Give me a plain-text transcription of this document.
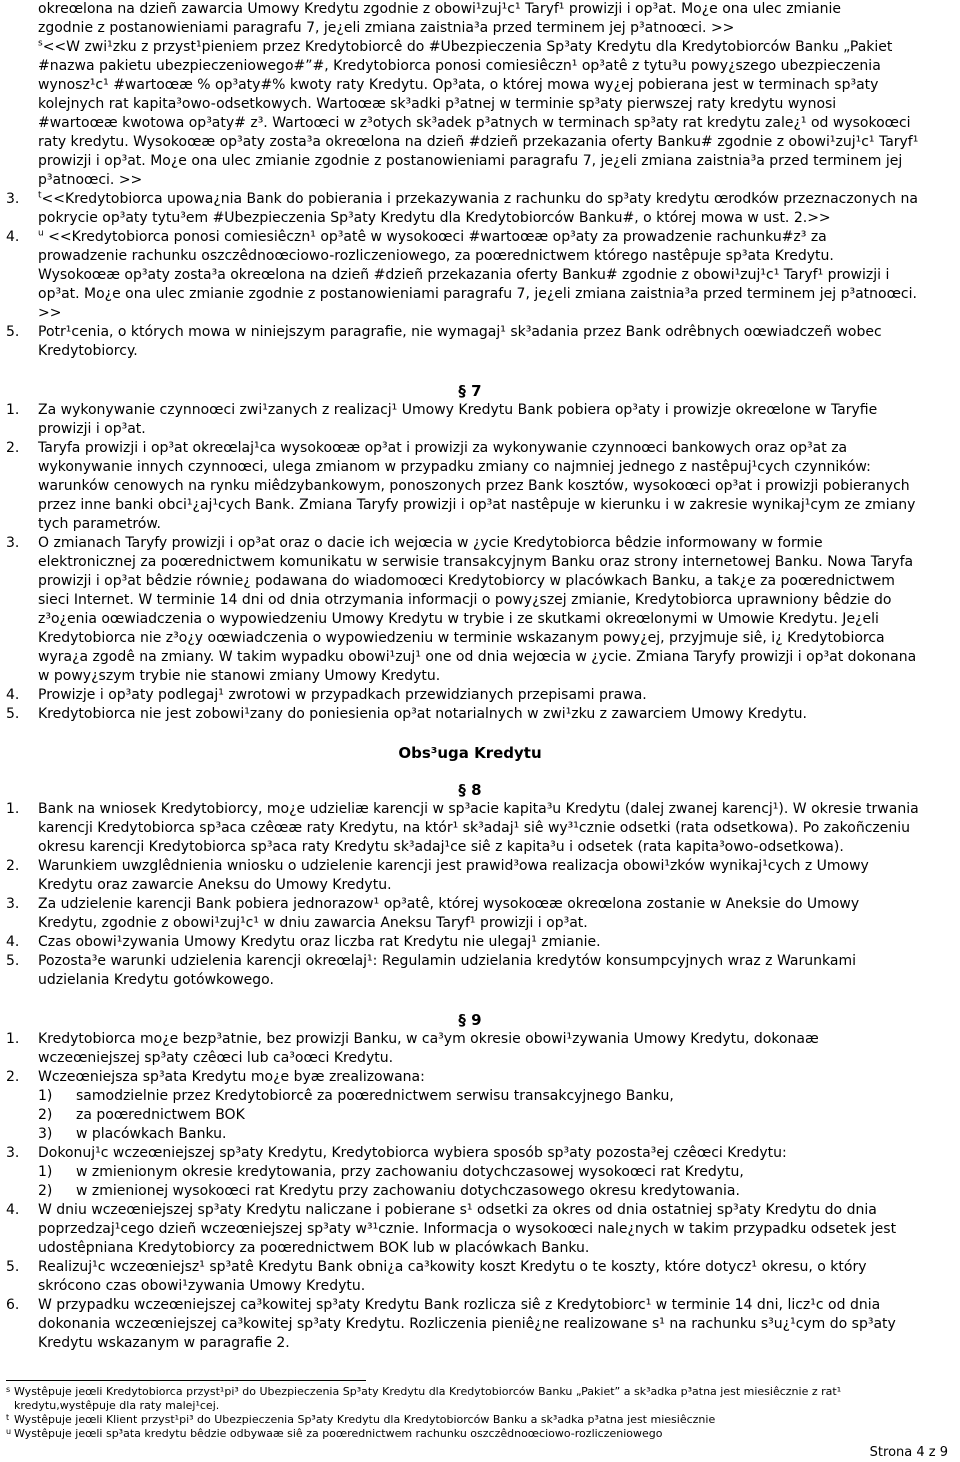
okreœlona na dzieñ zawarcia Umowy Kredytu zgodnie z obowi¹zuj¹c¹ Taryf¹ prowizji i op³at. Mo¿e ona ulec zmianie
zgodnie z postanowieniami paragrafu 7, je¿eli zmiana zaistnia³a przed terminem jej p³atnoœci. >>
$^s$<<W zwi¹zku z przyst¹pieniem przez Kredytobiorcê do #Ubezpieczenia Sp³aty Kredytu dla Kredytobiorców Banku „Pakiet #nazwa pakietu ubezpieczeniowego#”#, Kredytobiorca ponosi comiesiêczn¹ op³atê z tytu³u powy¿szego ubezpieczenia wynosz¹c¹ #wartoœæ % op³aty#% kwoty raty Kredytu. Op³ata, o której mowa wy¿ej pobierana jest w terminach sp³aty kolejnych rat kapita³owo-odsetkowych. Wartoœæ sk³adki p³atnej w terminie sp³aty pierwszej raty kredytu wynosi #wartoœæ kwotowa op³aty# z³. Wartoœci w z³otych sk³adek p³atnych w terminach sp³aty rat kredytu zale¿¹ od wysokoœci raty kredytu. Wysokoœæ op³aty zosta³a okreœlona na dzieñ #dzieñ przekazania oferty Banku# zgodnie z obowi¹zuj¹c¹ Taryf¹ prowizji i op³at. Mo¿e ona ulec zmianie zgodnie z postanowieniami paragrafu 7, je¿eli zmiana zaistnia³a przed terminem jej p³atnoœci. >>
3. $^t$<<Kredytobiorca upowa¿nia Bank do pobierania i przekazywania z rachunku do sp³aty kredytu œrodków przeznaczonych na pokrycie op³aty tytu³em #Ubezpieczenia Sp³aty Kredytu dla Kredytobiorców Banku#, o której mowa w ust. 2.>>
4. $^u$ <<Kredytobiorca ponosi comiesiêczn¹ op³atê w wysokoœci #wartoœæ op³aty za prowadzenie rachunku#z³ za prowadzenie rachunku oszczêdnoœciowo-rozliczeniowego, za poœrednictwem którego nastêpuje sp³ata Kredytu. Wysokoœæ op³aty zosta³a okreœlona na dzieñ #dzieñ przekazania oferty Banku# zgodnie z obowi¹zuj¹c¹ Taryf¹ prowizji i op³at. Mo¿e ona ulec zmianie zgodnie z postanowieniami paragrafu 7, je¿eli zmiana zaistnia³a przed terminem jej p³atnoœci. >>
5. Potr¹cenia, o których mowa w niniejszym paragrafie, nie wymagaj¹ sk³adania przez Bank odrêbnych oœwiadczeñ wobec Kredytobiorcy.
§ 7
1. Za wykonywanie czynnoœci zwi¹zanych z realizacj¹ Umowy Kredytu Bank pobiera op³aty i prowizje okreœlone w Taryfie prowizji i op³at.
2. Taryfa prowizji i op³at okreœlaj¹ca wysokoœæ op³at i prowizji za wykonywanie czynnoœci bankowych oraz op³at za wykonywanie innych czynnoœci, ulega zmianom w przypadku zmiany co najmniej jednego z nastêpuj¹cych czynników: warunków cenowych na rynku miêdzybankowym, ponoszonych przez Bank kosztów, wysokoœci op³at i prowizji pobieranych przez inne banki obci¹¿aj¹cych Bank. Zmiana Taryfy prowizji i op³at nastêpuje w kierunku i w zakresie wynikaj¹cym ze zmiany tych parametrów.
3. O zmianach Taryfy prowizji i op³at oraz o dacie ich wejœcia w ¿ycie Kredytobiorca bêdzie informowany w formie elektronicznej za poœrednictwem komunikatu w serwisie transakcyjnym Banku oraz strony internetowej Banku. Nowa Taryfa prowizji i op³at bêdzie równie¿ podawana do wiadomoœci Kredytobiorcy w placówkach Banku, a tak¿e za poœrednictwem sieci Internet. W terminie 14 dni od dnia otrzymania informacji o powy¿szej zmianie, Kredytobiorca uprawniony bêdzie do z³o¿enia oœwiadczenia o wypowiedzeniu Umowy Kredytu w trybie i ze skutkami okreœlonymi w Umowie Kredytu. Je¿eli Kredytobiorca nie z³o¿y oœwiadczenia o wypowiedzeniu w terminie wskazanym powy¿ej, przyjmuje siê, i¿ Kredytobiorca wyra¿a zgodê na zmiany. W takim wypadku obowi¹zuj¹ one od dnia wejœcia w ¿ycie. Zmiana Taryfy prowizji i op³at dokonana w powy¿szym trybie nie stanowi zmiany Umowy Kredytu.
4. Prowizje i op³aty podlegaj¹ zwrotowi w przypadkach przewidzianych przepisami prawa.
5. Kredytobiorca nie jest zobowi¹zany do poniesienia op³at notarialnych w zwi¹zku z zawarciem Umowy Kredytu.
Obs³uga Kredytu
§ 8
1. Bank na wniosek Kredytobiorcy, mo¿e udzieliæ karencji w sp³acie kapita³u Kredytu (dalej zwanej karencj¹). W okresie trwania karencji Kredytobiorca sp³aca czêœæ raty Kredytu, na któr¹ sk³adaj¹ siê wy³¹cznie odsetki (rata odsetkowa). Po zakoñczeniu okresu karencji Kredytobiorca sp³aca raty Kredytu sk³adaj¹ce siê z kapita³u i odsetek (rata kapita³owo-odsetkowa).
2. Warunkiem uwzglêdnienia wniosku o udzielenie karencji jest prawid³owa realizacja obowi¹zków wynikaj¹cych z Umowy Kredytu oraz zawarcie Aneksu do Umowy Kredytu.
3. Za udzielenie karencji Bank pobiera jednorazow¹ op³atê, której wysokoœæ okreœlona zostanie w Aneksie do Umowy Kredytu, zgodnie z obowi¹zuj¹c¹ w dniu zawarcia Aneksu Taryf¹ prowizji i op³at.
4. Czas obowi¹zywania Umowy Kredytu oraz liczba rat Kredytu nie ulegaj¹ zmianie.
5. Pozosta³e warunki udzielenia karencji okreœlaj¹: Regulamin udzielania kredytów konsumpcyjnych wraz z Warunkami udzielania Kredytu gotówkowego.
§ 9
1. Kredytobiorca mo¿e bezp³atnie, bez prowizji Banku, w ca³ym okresie obowi¹zywania Umowy Kredytu, dokonaæ wczeœniejszej sp³aty czêœci lub ca³oœci Kredytu.
2. Wczeœniejsza sp³ata Kredytu mo¿e byæ zrealizowana:
1) samodzielnie przez Kredytobiorcê za poœrednictwem serwisu transakcyjnego Banku,
2) za poœrednictwem BOK
3) w placówkach Banku.
3. Dokonuj¹c wczeœniejszej sp³aty Kredytu, Kredytobiorca wybiera sposób sp³aty pozosta³ej czêœci Kredytu:
1) w zmienionym okresie kredytowania, przy zachowaniu dotychczasowej wysokoœci rat Kredytu,
2) w zmienionej wysokoœci rat Kredytu przy zachowaniu dotychczasowego okresu kredytowania.
4. W dniu wczeœniejszej sp³aty Kredytu naliczane i pobierane s¹ odsetki za okres od dnia ostatniej sp³aty Kredytu do dnia poprzedzaj¹cego dzieñ wczeœniejszej sp³aty w³¹cznie. Informacja o wysokoœci nale¿nych w takim przypadku odsetek jest udostêpniana Kredytobiorcy za poœrednictwem BOK lub w placówkach Banku.
5. Realizuj¹c wczeœniejsz¹ sp³atê Kredytu Bank obni¿a ca³kowity koszt Kredytu o te koszty, które dotycz¹ okresu, o który skrócono czas obowi¹zywania Umowy Kredytu.
6. W przypadku wczeœniejszej ca³kowitej sp³aty Kredytu Bank rozlicza siê z Kredytobiorc¹ w terminie 14 dni, licz¹c od dnia dokonania wczeœniejszej ca³kowitej sp³aty Kredytu. Rozliczenia pieniê¿ne realizowane s¹ na rachunku s³u¿¹cym do sp³aty Kredytu wskazanym w paragrafie 2.
s Wystêpuje jeœli Kredytobiorca przyst¹pi³ do Ubezpieczenia Sp³aty Kredytu dla Kredytobiorców Banku „Pakiet” a sk³adka p³atna jest miesiêcznie z rat¹ kredytu,wystêpuje dla raty malej¹cej.
t Wystêpuje jeœli Klient przyst¹pi³ do Ubezpieczenia Sp³aty Kredytu dla Kredytobiorców Banku a sk³adka p³atna jest miesiêcznie
u Wystêpuje jeœli sp³ata kredytu bêdzie odbywaæ siê za poœrednictwem rachunku oszczêdnoœciowo-rozliczeniowego
Strona 4 z 9
